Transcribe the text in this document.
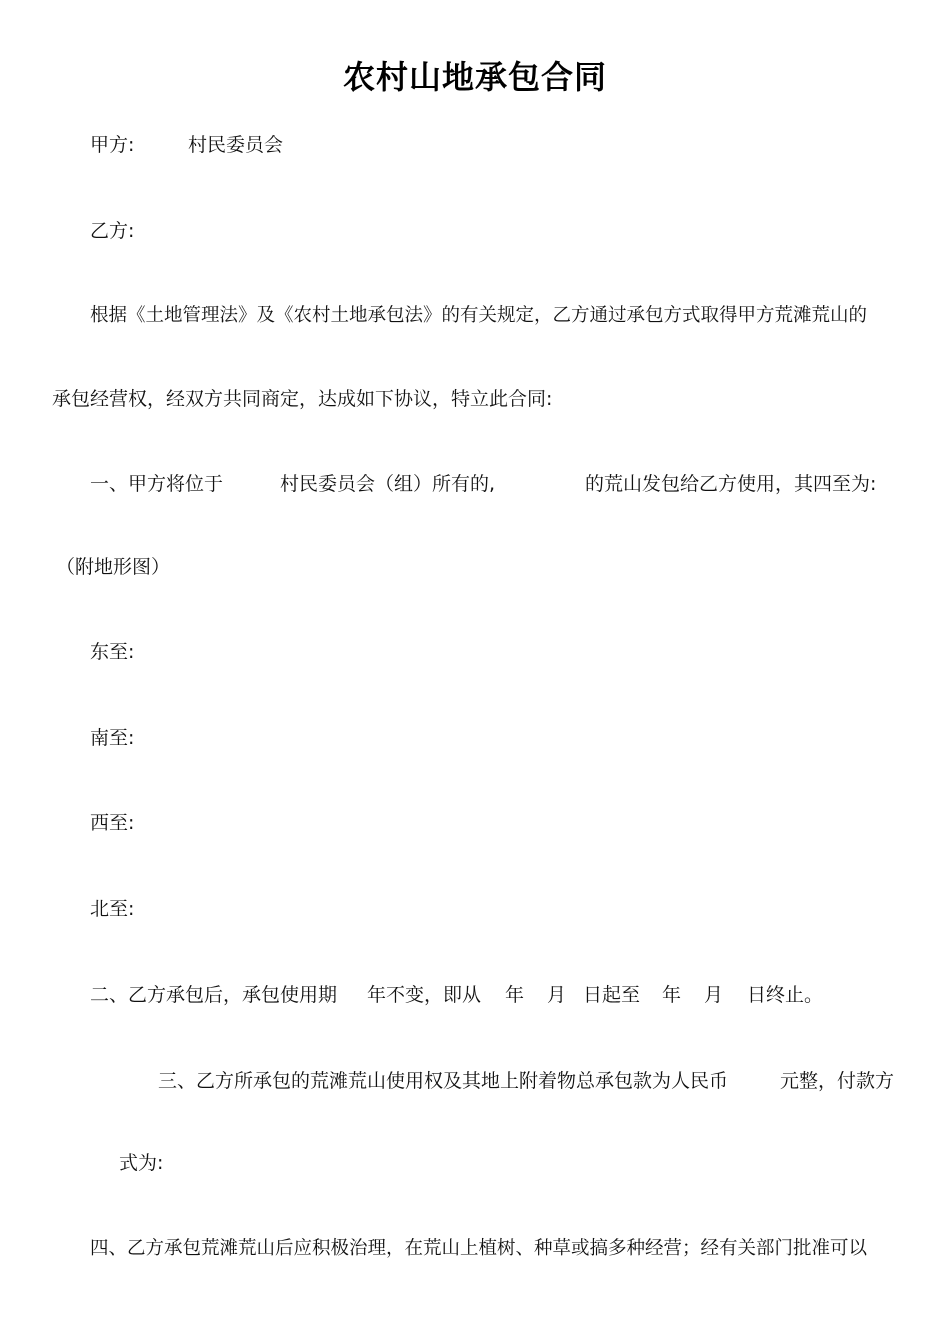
农村山地承包合同
甲方:	村民委员会
乙方:
根据《土地管理法》及《农村土地承包法》的有关规定，乙方通过承包方式取得甲方荒滩荒山的
承包经营权，经双方共同商定，达成如下协议，特立此合同:
一、甲方将位于	村民委员会（组）所有的,	的荒山发包给乙方使用，其四至为:
（附地形图）
东至:
南至:
西至:
北至:
二、乙方承包后，承包使用期 年不变，即从 年 月 日起至 年 月 日终止。
三、乙方所承包的荒滩荒山使用权及其地上附着物总承包款为人民币	元整，付款方
式为:
四、乙方承包荒滩荒山后应积极治理，在荒山上植树、种草或搞多种经营；经有关部门批准可以
